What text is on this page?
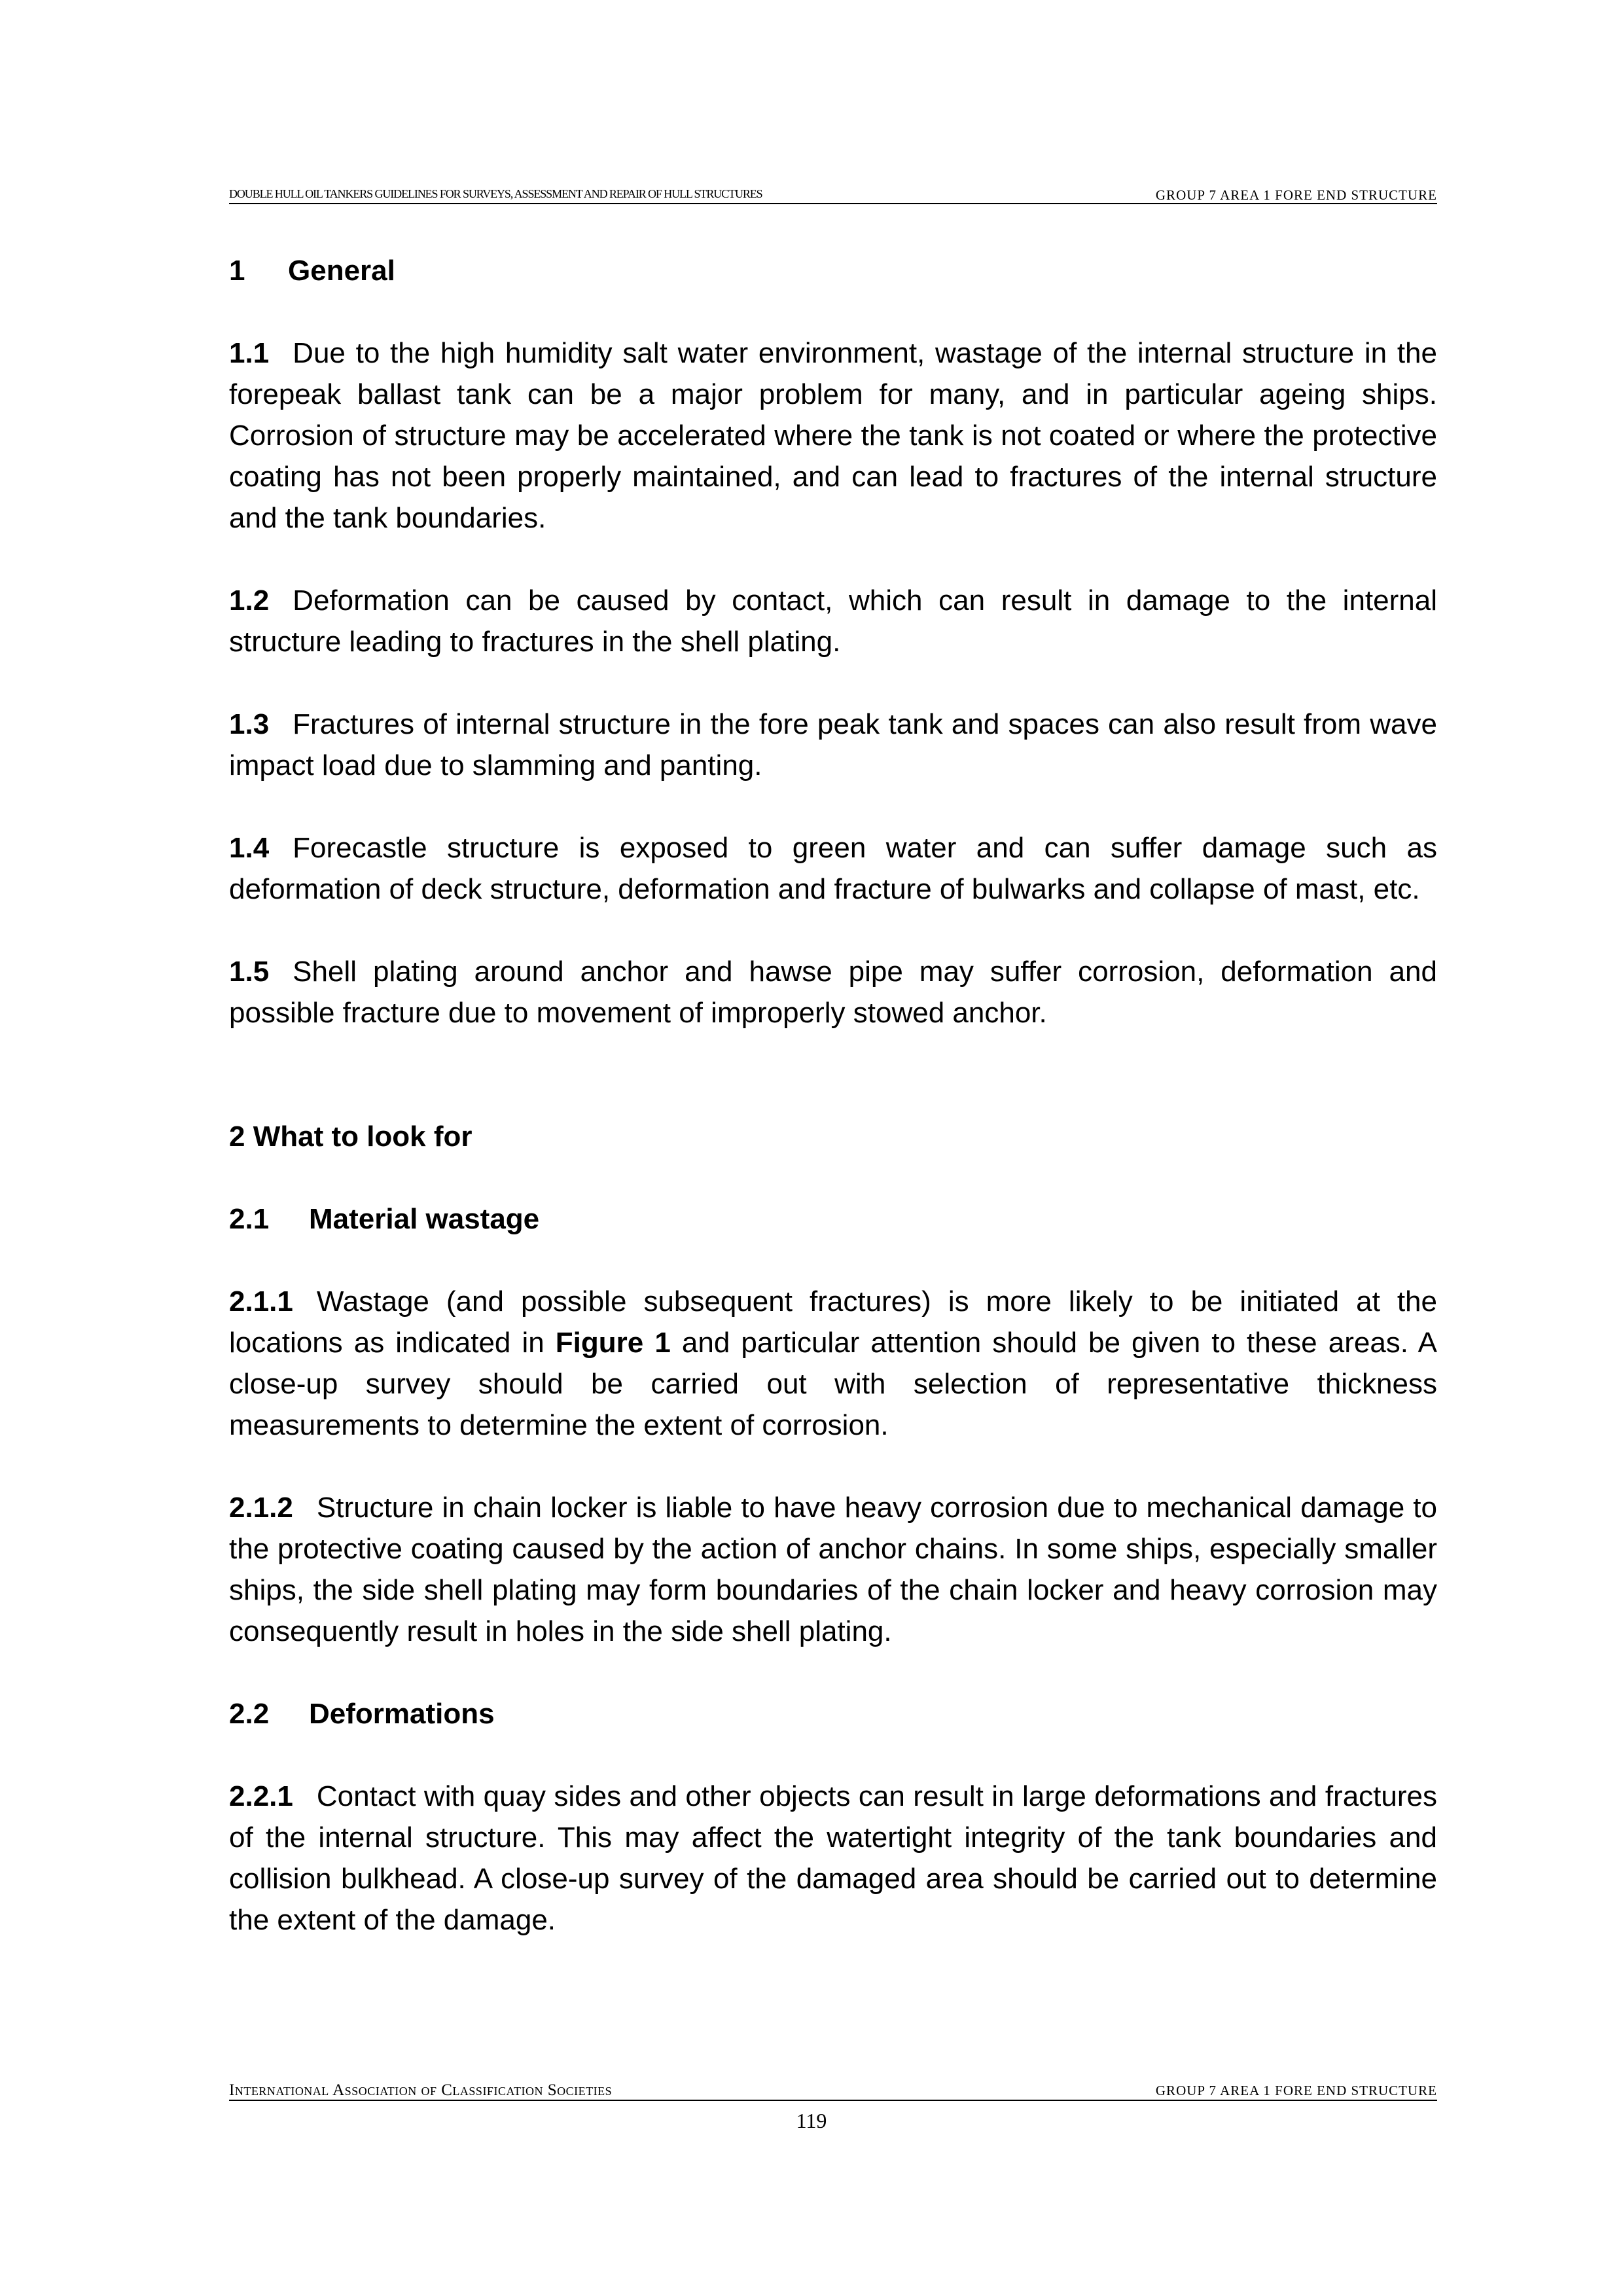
DOUBLE HULL OIL TANKERS GUIDELINES FOR SURVEYS, ASSESSMENT AND REPAIR OF HULL STRUCTURES	GROUP 7 AREA 1 FORE END STRUCTURE
1 General

1.1 Due to the high humidity salt water environment, wastage of the internal structure in the forepeak ballast tank can be a major problem for many, and in particular ageing ships. Corrosion of structure may be accelerated where the tank is not coated or where the protective coating has not been properly maintained, and can lead to fractures of the internal structure and the tank boundaries.

1.2 Deformation can be caused by contact, which can result in damage to the internal structure leading to fractures in the shell plating.

1.3 Fractures of internal structure in the fore peak tank and spaces can also result from wave impact load due to slamming and panting.

1.4 Forecastle structure is exposed to green water and can suffer damage such as deformation of deck structure, deformation and fracture of bulwarks and collapse of mast, etc.

1.5 Shell plating around anchor and hawse pipe may suffer corrosion, deformation and possible fracture due to movement of improperly stowed anchor.

2 What to look for
2.1 Material wastage

2.1.1 Wastage (and possible subsequent fractures) is more likely to be initiated at the locations as indicated in Figure 1 and particular attention should be given to these areas. A close-up survey should be carried out with selection of representative thickness measurements to determine the extent of corrosion.

2.1.2 Structure in chain locker is liable to have heavy corrosion due to mechanical damage to the protective coating caused by the action of anchor chains. In some ships, especially smaller ships, the side shell plating may form boundaries of the chain locker and heavy corrosion may consequently result in holes in the side shell plating.

2.2 Deformations

2.2.1 Contact with quay sides and other objects can result in large deformations and fractures of the internal structure. This may affect the watertight integrity of the tank boundaries and collision bulkhead. A close-up survey of the damaged area should be carried out to determine the extent of the damage.

International Association of Classification Societies	GROUP 7 AREA 1 FORE END STRUCTURE
119
